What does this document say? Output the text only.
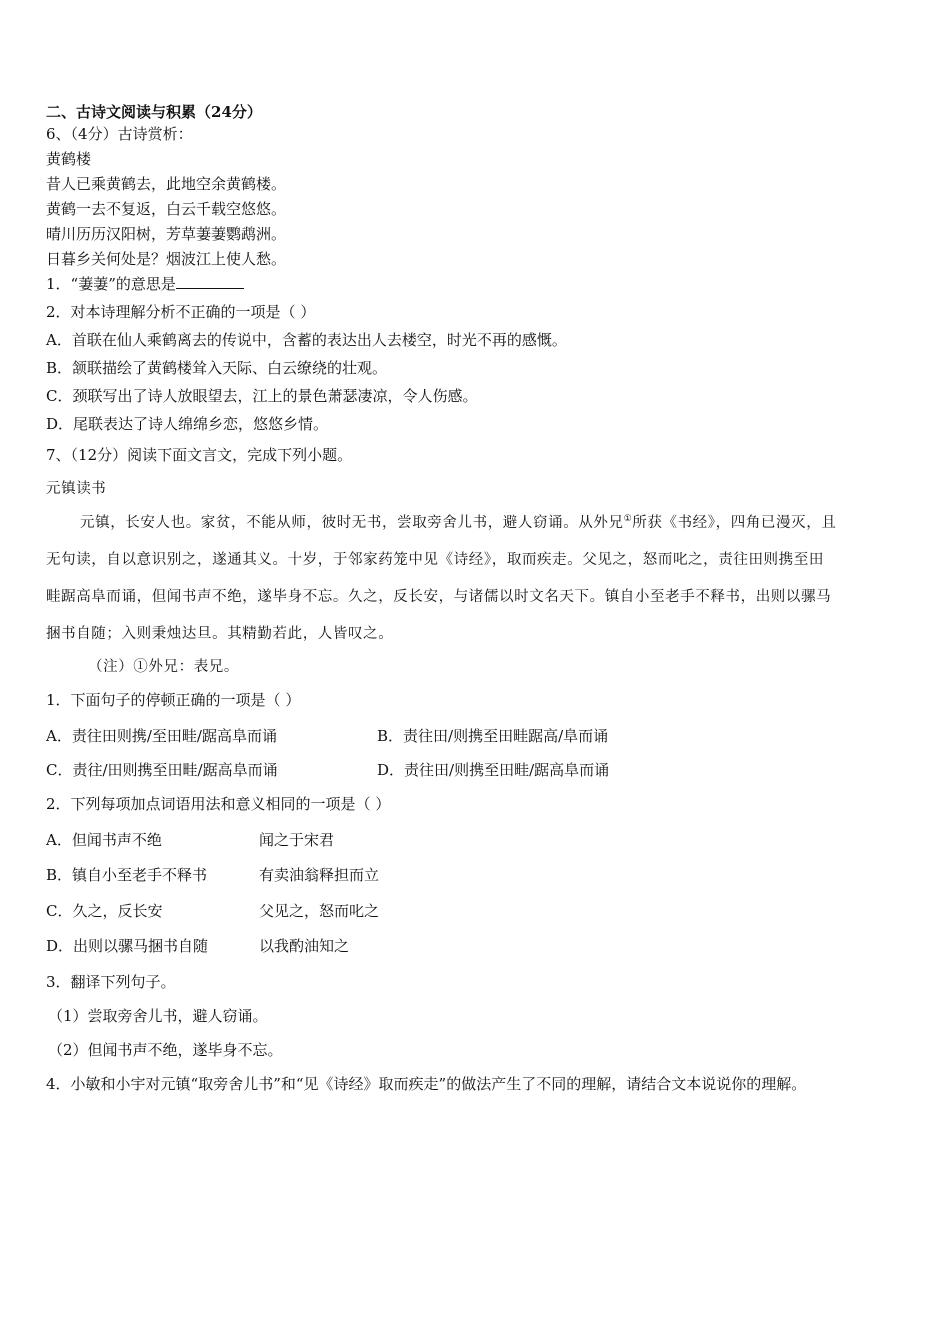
二、古诗文阅读与积累（24分）
6、（4分）古诗赏析：
黄鹤楼
昔人已乘黄鹤去，此地空余黄鹤楼。
黄鹤一去不复返，白云千载空悠悠。
晴川历历汉阳树，芳草萋萋鹦鹉洲。
日暮乡关何处是？烟波江上使人愁。
1．“萋萋”的意思是
2．对本诗理解分析不正确的一项是（ ）
A．首联在仙人乘鹤离去的传说中，含蓄的表达出人去楼空，时光不再的感慨。
B．颔联描绘了黄鹤楼耸入天际、白云缭绕的壮观。
C．颈联写出了诗人放眼望去，江上的景色萧瑟凄凉，令人伤感。
D．尾联表达了诗人绵绵乡恋，悠悠乡情。
7、（12分）阅读下面文言文，完成下列小题。
元镇读书
元镇，长安人也。家贫，不能从师，彼时无书，尝取旁舍儿书，避人窃诵。从外兄①所获《书经》，四角已漫灭，且
无句读，自以意识别之，遂通其义。十岁，于邻家药笼中见《诗经》，取而疾走。父见之，怒而叱之，责往田则携至田
畦踞高阜而诵，但闻书声不绝，遂毕身不忘。久之，反长安，与诸儒以时文名天下。镇自小至老手不释书，出则以骡马
捆书自随；入则秉烛达旦。其精勤若此，人皆叹之。
（注）①外兄：表兄。
1．下面句子的停顿正确的一项是（ ）
A．责往田则携/至田畦/踞高阜而诵	B．责往田/则携至田畦踞高/阜而诵
C．责往/田则携至田畦/踞高阜而诵	D．责往田/则携至田畦/踞高阜而诵
2．下列每项加点词语用法和意义相同的一项是（ ）
A．但闻书声不绝	闻之于宋君
B．镇自小至老手不释书	有卖油翁释担而立
C．久之，反长安	父见之，怒而叱之
D．出则以骡马捆书自随	以我酌油知之
3．翻译下列句子。
（1）尝取旁舍儿书，避人窃诵。
（2）但闻书声不绝，遂毕身不忘。
4．小敏和小宇对元镇“取旁舍儿书”和“见《诗经》取而疾走”的做法产生了不同的理解，请结合文本说说你的理解。
